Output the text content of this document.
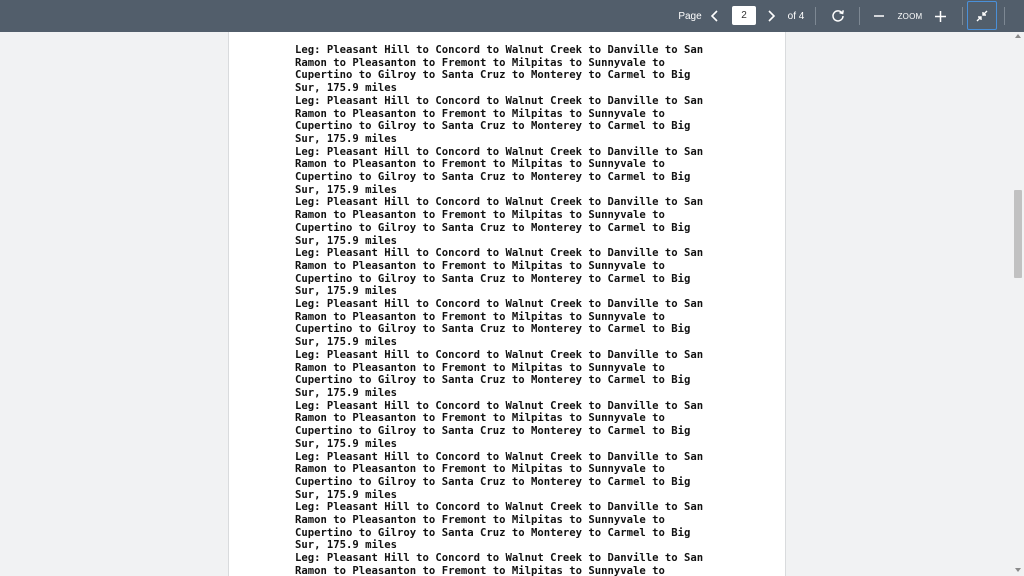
Page
2	of 4	ZOOM
Leg: Pleasant Hill to Concord to Walnut Creek to Danville to San
Ramon to Pleasanton to Fremont to Milpitas to Sunnyvale to
Cupertino to Gilroy to Santa Cruz to Monterey to Carmel to Big
Sur, 175.9 miles
Leg: Pleasant Hill to Concord to Walnut Creek to Danville to San
Ramon to Pleasanton to Fremont to Milpitas to Sunnyvale to
Cupertino to Gilroy to Santa Cruz to Monterey to Carmel to Big
Sur, 175.9 miles
Leg: Pleasant Hill to Concord to Walnut Creek to Danville to San
Ramon to Pleasanton to Fremont to Milpitas to Sunnyvale to
Cupertino to Gilroy to Santa Cruz to Monterey to Carmel to Big
Sur, 175.9 miles
Leg: Pleasant Hill to Concord to Walnut Creek to Danville to San
Ramon to Pleasanton to Fremont to Milpitas to Sunnyvale to
Cupertino to Gilroy to Santa Cruz to Monterey to Carmel to Big
Sur, 175.9 miles
Leg: Pleasant Hill to Concord to Walnut Creek to Danville to San
Ramon to Pleasanton to Fremont to Milpitas to Sunnyvale to
Cupertino to Gilroy to Santa Cruz to Monterey to Carmel to Big
Sur, 175.9 miles
Leg: Pleasant Hill to Concord to Walnut Creek to Danville to San
Ramon to Pleasanton to Fremont to Milpitas to Sunnyvale to
Cupertino to Gilroy to Santa Cruz to Monterey to Carmel to Big
Sur, 175.9 miles
Leg: Pleasant Hill to Concord to Walnut Creek to Danville to San
Ramon to Pleasanton to Fremont to Milpitas to Sunnyvale to
Cupertino to Gilroy to Santa Cruz to Monterey to Carmel to Big
Sur, 175.9 miles
Leg: Pleasant Hill to Concord to Walnut Creek to Danville to San
Ramon to Pleasanton to Fremont to Milpitas to Sunnyvale to
Cupertino to Gilroy to Santa Cruz to Monterey to Carmel to Big
Sur, 175.9 miles
Leg: Pleasant Hill to Concord to Walnut Creek to Danville to San
Ramon to Pleasanton to Fremont to Milpitas to Sunnyvale to
Cupertino to Gilroy to Santa Cruz to Monterey to Carmel to Big
Sur, 175.9 miles
Leg: Pleasant Hill to Concord to Walnut Creek to Danville to San
Ramon to Pleasanton to Fremont to Milpitas to Sunnyvale to
Cupertino to Gilroy to Santa Cruz to Monterey to Carmel to Big
Sur, 175.9 miles
Leg: Pleasant Hill to Concord to Walnut Creek to Danville to San
Ramon to Pleasanton to Fremont to Milpitas to Sunnyvale to
